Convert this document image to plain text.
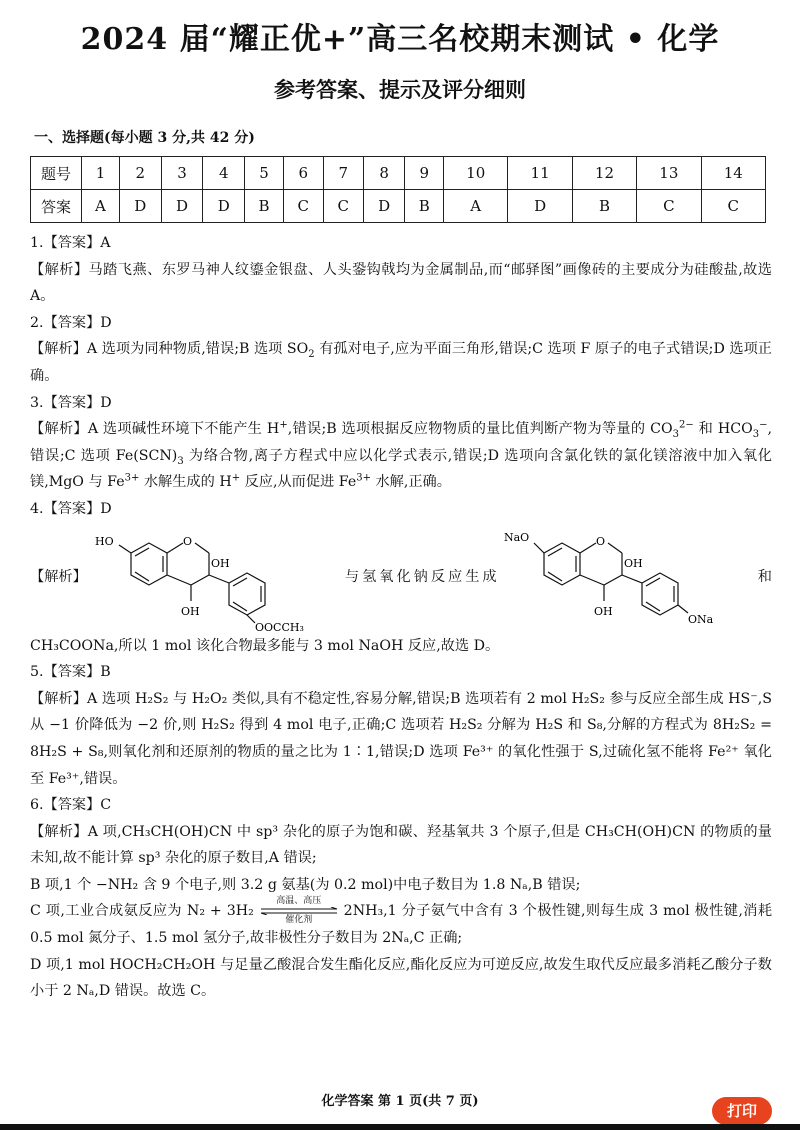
2024 届“耀正优+”高三名校期末测试 • 化学
参考答案、提示及评分细则
一、选择题(每小题 3 分,共 42 分)
题号	1	2	3	4	5	6	7	8	9	10	11	12	13	14
答案	A	D	D	D	B	C	C	D	B	A	D	B	C	C

1.【答案】A

【解析】马踏飞燕、东罗马神人纹鎏金银盘、人头銎钩戟均为金属制品,而“邮驿图”画像砖的主要成分为硅酸盐,故选 A。

2.【答案】D

【解析】A 选项为同种物质,错误;B 选项 $SO_2$ 有孤对电子,应为平面三角形,错误;C 选项 F 原子的电子式错误;D 选项正确。

3.【答案】D

【解析】A 选项碱性环境下不能产生 H+,错误;B 选项根据反应物物质的量比值判断产物为等量的 $CO_3^{2-}$ 和 $HCO_3^-$,错误;C 选项 $Fe(SCN)_3$ 为络合物,离子方程式中应以化学式表示,错误;D 选项向含氯化铁的氯化镁溶液中加入氧化镁,MgO 与 $Fe^{3+}$ 水解生成的 H+ 反应,从而促进 $Fe^{3+}$ 水解,正确。

4.【答案】D

【解析】
HO	O
OH
OH
OOCCH₃
与氢氧化钠反应生成
NaO	O
OH
OH
ONa
和

CH₃COONa,所以 1 mol 该化合物最多能与 3 mol NaOH 反应,故选 D。

5.【答案】B

【解析】A 选项 H₂S₂ 与 H₂O₂ 类似,具有不稳定性,容易分解,错误;B 选项若有 2 mol H₂S₂ 参与反应全部生成 HS⁻,S 从 −1 价降低为 −2 价,则 H₂S₂ 得到 4 mol 电子,正确;C 选项若 H₂S₂ 分解为 H₂S 和 S₈,分解的方程式为 8H₂S₂ = 8H₂S + S₈,则氧化剂和还原剂的物质的量之比为 1∶1,错误;D 选项 Fe³⁺ 的氧化性强于 S,过硫化氢不能将 Fe²⁺ 氧化至 Fe³⁺,错误。

6.【答案】C

【解析】A 项,CH₃CH(OH)CN 中 sp³ 杂化的原子为饱和碳、羟基氧共 3 个原子,但是 CH₃CH(OH)CN 的物质的量未知,故不能计算 sp³ 杂化的原子数目,A 错误;

B 项,1 个 −NH₂ 含 9 个电子,则 3.2 g 氨基(为 0.2 mol)中电子数目为 1.8 Nₐ,B 错误;

C 项,工业合成氨反应为 N₂ + 3H₂
高温、高压
催化剂
2NH₃,1 分子氨气中含有 3 个极性键,则每生成 3 mol 极性键,消耗 0.5 mol 氮分子、1.5 mol 氢分子,故非极性分子数目为 2Nₐ,C 正确;

D 项,1 mol HOCH₂CH₂OH 与足量乙酸混合发生酯化反应,酯化反应为可逆反应,故发生取代反应最多消耗乙酸分子数小于 2 Nₐ,D 错误。故选 C。

化学答案 第 1 页(共 7 页)
打印
